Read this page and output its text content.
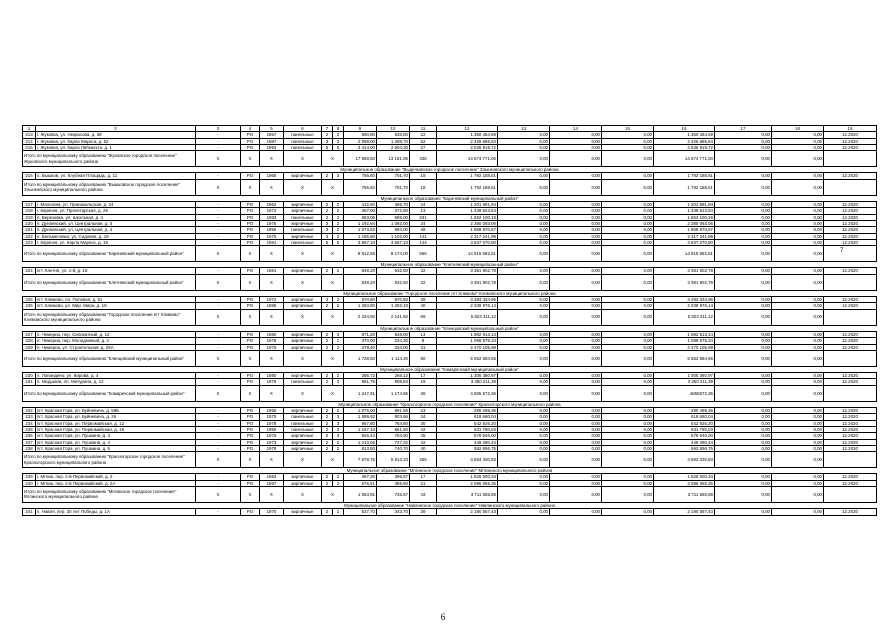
1	2	3	4	5	6	7	8	9	10	11	12	13	14	15	16	17	18	19
213	г. Жуковка, ул. Некрасова, д. 38	-	РО	1967	панельные	2	2	590,80	538,80	22	1 350 454,69	0,00	0,00	0,00	1 350 454,69	0,00	0,00	12.2020
214	г. Жуковка, ул. Карла Маркса, д. 62	-	РО	1987	панельные	3	3	2 099,00	1 288,70	52	2 426 685,64	0,00	0,00	0,00	2 426 685,64	0,00	0,00	12.2020
215	г. Жуковка, ул. Карла Либкнехта, д. 1	-	РО	1993	панельные	5	5	3 414,00	2 504,30	27	2 536 919,72	0,00	0,00	0,00	2 536 919,72	0,00	0,00	12.2020
Итого по муниципальному образованию "Жуковское городское поселение" Жуковского муниципального района		X	X	X	X	X		17 968,50	13 181,96	436	14 674 771,00	0,00	0,00	0,00	14 674 771,00	0,00	0,00	
Муниципальное образование "Выделковское городское поселение" Злынковского муниципального района																		
216	п. Вышков, ул. Клубная Площадь, д. 11	-	РО	1966	кирпичные	2	2	756,50	701,70	18	1 792 188,61	0,00	0,00	0,00	1 792 188,61	0,00	0,00	12.2020
Итого по муниципальному образованию "Вышковское городское поселение" Злынковского муниципального района		X	X	X	X	X		756,50	701,70	18	1 792 188,61	0,00	0,00	0,00	1 792 188,61	0,00	0,00	
Муниципальное образование "Карачевский муниципальный район"																		
217	г. Мальтина, ул. Принакольская, д. 24	-	РО	1962	кирпичные	2	2	412,60	385,70	24	1 201 581,94	0,00	0,00	0,00	1 201 581,94	0,00	0,00	12.2020
218	г. Карачев, ул. Пролетарская, д. 25	-	РО	1972	кирпичные	2	2	457,00	372,80	13	1 439 623,54	0,00	0,00	0,00	1 439 623,54	0,00	0,00	12.2020
219	п. Березовка, ул. Школьная, д. 4	-	РО	1983	панельные	2	2	683,06	588,00	231	1 652 100,19	0,00	0,00	0,00	1 652 100,19	0,00	0,00	12.2020
220	п. Дунаевский, ул. Центральная, д. 3	-	РО	1976	кирпичные	3	2	1 192,84	1 092,00	24	2 380 093,06	0,00	0,00	0,00	2 380 093,06	0,00	0,00	12.2020
221	п. Дунаевский, ул. Центральная, д. 4	-	РО	1955	панельные	3	2	1 073,62	994,00	49	1 968 870,67	0,00	0,00	0,00	1 968 870,67	0,00	0,00	12.2020
222	п. Бельмеловка, ул. Садовая, д. 18	-	РО	1975	кирпичные	3	2	1 185,80	1 102,00	141	2 317 241,99	0,00	0,00	0,00	2 317 241,99	0,00	0,00	12.2020
223	г. Карачев, ул. Карла Маркса, д. 18	-	РО	1981	панельные	5	5	3 657,10	3 657,10	144	3 837 070,80	0,00	0,00	0,00	3 837 070,80	0,00	0,00	12.2020
Итого по муниципальному образованию "Карачевский муниципальный район"		X	X	X	X	X		8 612,56	8 174,00	666	14 815 982,51	0,00	0,00	0,00	14 815 982,51	0,00	0,00	
Муниципальное образование "Клетнянский муниципальный район"																		
224	пгт. Клетня, ул. 1-й, д. 18	-	РО	1981	кирпичные	2	2	948,20	932,50	32	3 381 902,78	0,00	0,00	0,00	3 381 902,78	0,00	0,00	12.2020
Итого по муниципальному образованию "Клетнянский муниципальный район"		X	X	X	X	X		948,20	932,50	32	3 381 902,78	0,00	0,00	0,00	3 381 902,78	0,00	0,00	
Муниципальное образование "Городское поселение пгт Климово" Климовского муниципального района																		
225	пгт. Климово, пл. Полевая, д. 51	-	РО	1972	кирпичные	3	2	970,80	870,50	29	3 483 334,96	0,00	0,00	0,00	3 483 334,96	0,00	0,00	12.2020
226	пгт. Климово, ул. Мир. Мира, д. 19	-	РО	1986	кирпичные	2	2	1 263,80	1 282,10	40	2 339 976,14	0,00	0,00	0,00	2 339 976,14	0,00	0,00	12.2020
Итого по муниципальному образованию "Городское поселение пгт Климово" Климовского муниципального района		X	X	X	X	X		2 234,60	2 141,60	69	5 823 311,12	0,00	0,00	0,00	5 823 311,12	0,00	0,00	
Муниципальное образование "Клинцовский муниципальный район"																		
227	п. Чемерна, пер. Силикатный, д. 12	-	РО	1980	кирпичные	2	3	971,20	846,00	13	1 982 913,14	0,00	0,00	0,00	1 982 913,14	0,00	0,00	12.2020
228	п. Чемерна, пер. Молодежный, д. 2	-	РО	1978	кирпичные	2	1	370,00	234,30	8	1 099 575,34	0,00	0,00	0,00	1 099 575,34	0,00	0,00	12.2020
229	п. Чемерна, ул. Строительная, д. 25А	-	РО	1975	кирпичные	2	2	378,40	334,00	31	2 470 105,98	0,00	0,00	0,00	2 470 105,98	0,00	0,00	12.2020
Итого по муниципальному образованию "Клинцовский муниципальный район"		X	X	X	X	X		1 728,60	1 114,30	50	5 552 594,66	0,00	0,00	0,00	5 552 594,66	0,00	0,00	
Муниципальное образование "Комаричский муниципальный район"																		
230	п. Лопандино, ул. Кирова, д. 4	-	РО	1980	кирпичные	2	2	286,72	265,12	17	1 305 380,97	0,00	0,00	0,00	1 305 380,97	0,00	0,00	12.2020
231	п. Медшаев, пл. Мичурина, д. 12	-	РО	1976	панельные	2	3	961,79	909,84	19	3 350 211,39	0,00	0,00	0,00	3 350 211,39	0,00	0,00	12.2020
Итого по муниципальному образованию "Комаричский муниципальный район"		X	X	X	X	X		1 247,91	1 174,96	36	4 655 572,36	0,00	0,00	0,00	4655572,36	0,00	0,00	
Муниципальное образование "Красногорское городское поселение" Красногорского муниципального района																		
232	пгт. Красная Гора, ул. Буйневича, д. 58Б	-	РО	1955	кирпичные	2	2	1 075,00	891,56	23	280 499,36	0,00	0,00	0,00	280 499,36	0,00	0,00	12.2020
233	пгт. Красная Гора, ул. Буйневича, д. 26	-	РО	1975	панельные	2	3	1 599,92	903,66	34	618 680,04	0,00	0,00	0,00	618 680,04	0,00	0,00	12.2020
234	пгт. Красная Гора, ул. Первомайская, д. 12	-	РО	1978	панельные	2	3	967,80	784,50	30	542 926,20	0,00	0,00	0,00	542 926,20	0,00	0,00	12.2020
235	пгт. Красная Гора, ул. Первомайская, д. 18	-	РО	1980	панельные	2	3	1 167,10	861,80	42	631 780,03	0,00	0,00	0,00	631 780,03	0,00	0,00	12.2020
236	пгт. Красная Гора, ул. Пушкина, д. 3	-	РО	1976	кирпичные	2	3	826,43	763,90	45	578 946,00	0,00	0,00	0,00	578 946,00	0,00	0,00	12.2020
237	пгт. Красная Гора, ул. Пушкина, д. 4	-	РО	1973	кирпичные	2	2	1 210,06	727,32	42	448 390,44	0,00	0,00	0,00	448 390,44	0,00	0,00	12.2020
238	пгт. Красная Гора, ул. Пушкина, д. 5	-	РО	1978	кирпичные	2	2	813,50	740,70	40	592 896,75	0,00	0,00	0,00	592 896,75	0,00	0,00	12.2020
Итого по муниципальному образованию "Красногорское городское поселение" Красногорского муниципального района		X	X	X	X	X		7 678,76	5 813,33	256	3 693 330,83	0,00	0,00	0,00	3 693 330,83	0,00	0,00	
Муниципальное образование "Мглинское городское поселение" Мглинского муниципального района																		
239	г. Мглин, пер. 2-й Первомайский, д. 2	-	РО	1983	кирпичные	2	2	487,30	395,67	17	1 625 000,34	0,00	0,00	0,00	1 625 000,34	0,00	0,00	12.2020
240	г. Мглин, пер. 2-й Первомайский, д. 2А	-	РО	1987	кирпичные	2	2	576,51	389,90	21	2 086 555,35	0,00	0,00	0,00	2 086 555,35	0,00	0,00	12.2020
Итого по муниципальному образованию "Мглинское городское поселение" Мглинского муниципального района		X	X	X	X	X		1 063,81	745,57	43	3 711 555,69	0,00	0,00	0,00	3 711 555,69	0,00	0,00	
Муниципальное образование "Навлинское городское поселение" Навлинского муниципального района																		
241	п. Навля, пер. 30 лет Победы, д. 1А	-	РО	1970	кирпичные	2	1	537,70	343,70	39	2 190 567,43	0,00	0,00	0,00	2 190 567,43	0,00	0,00	12.2020
7
6
